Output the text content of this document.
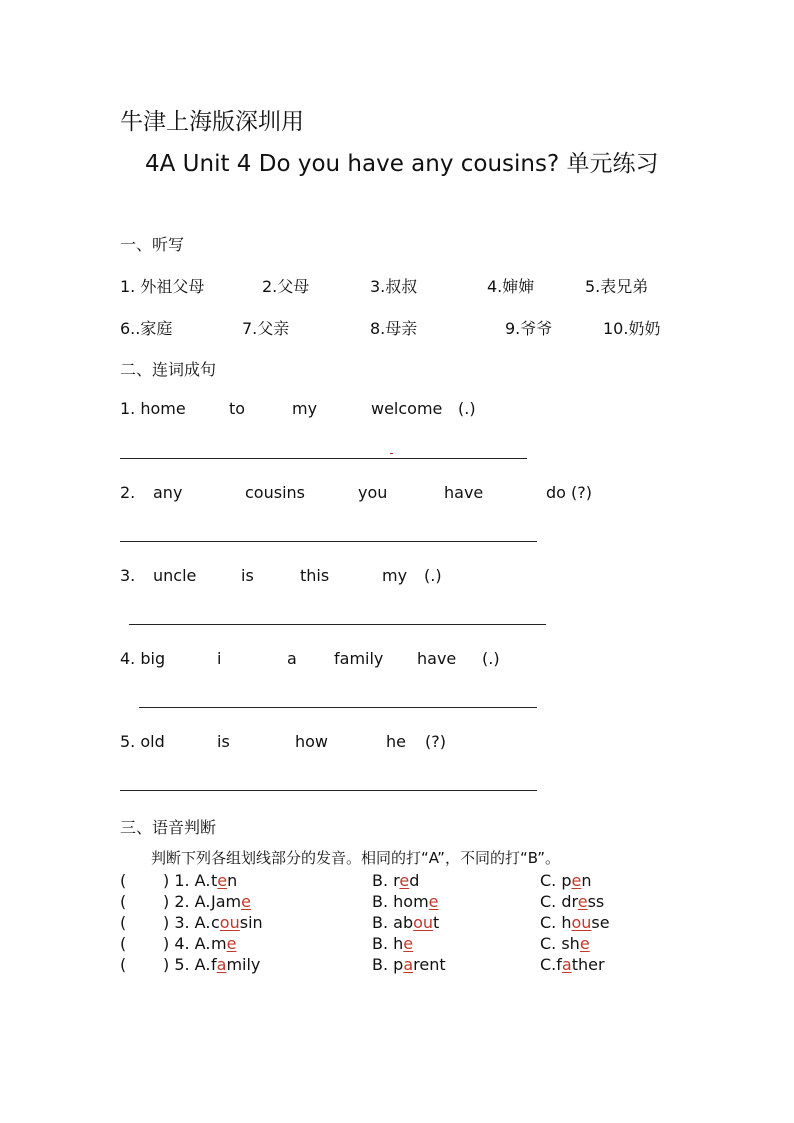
牛津上海版深圳用
4A Unit 4 Do you have any cousins? 单元练习
一、听写
1. 外祖父母	2.父母	3.叔叔	4.婶婶	5.表兄弟
6..家庭	7.父亲	8.母亲	9.爷爷	10.奶奶
二、连词成句
1. home	to	my	welcome (.)
2. any	cousins	you	have	do (?)
3. uncle	is	this	my (.)
4. big	i	a family have (.)
5. old	is	how	he (?)
三、语音判断
判断下列各组划线部分的发音。相同的打“A”，不同的打“B”。
( ) 1. A. ten	B. red	C. pen
( ) 2. A. Jame	B. home	C. dress
( ) 3. A. cousin	B. about	C. house
( ) 4. A. me	B. he	C. she
( ) 5. A. family	B. parent	C.father
